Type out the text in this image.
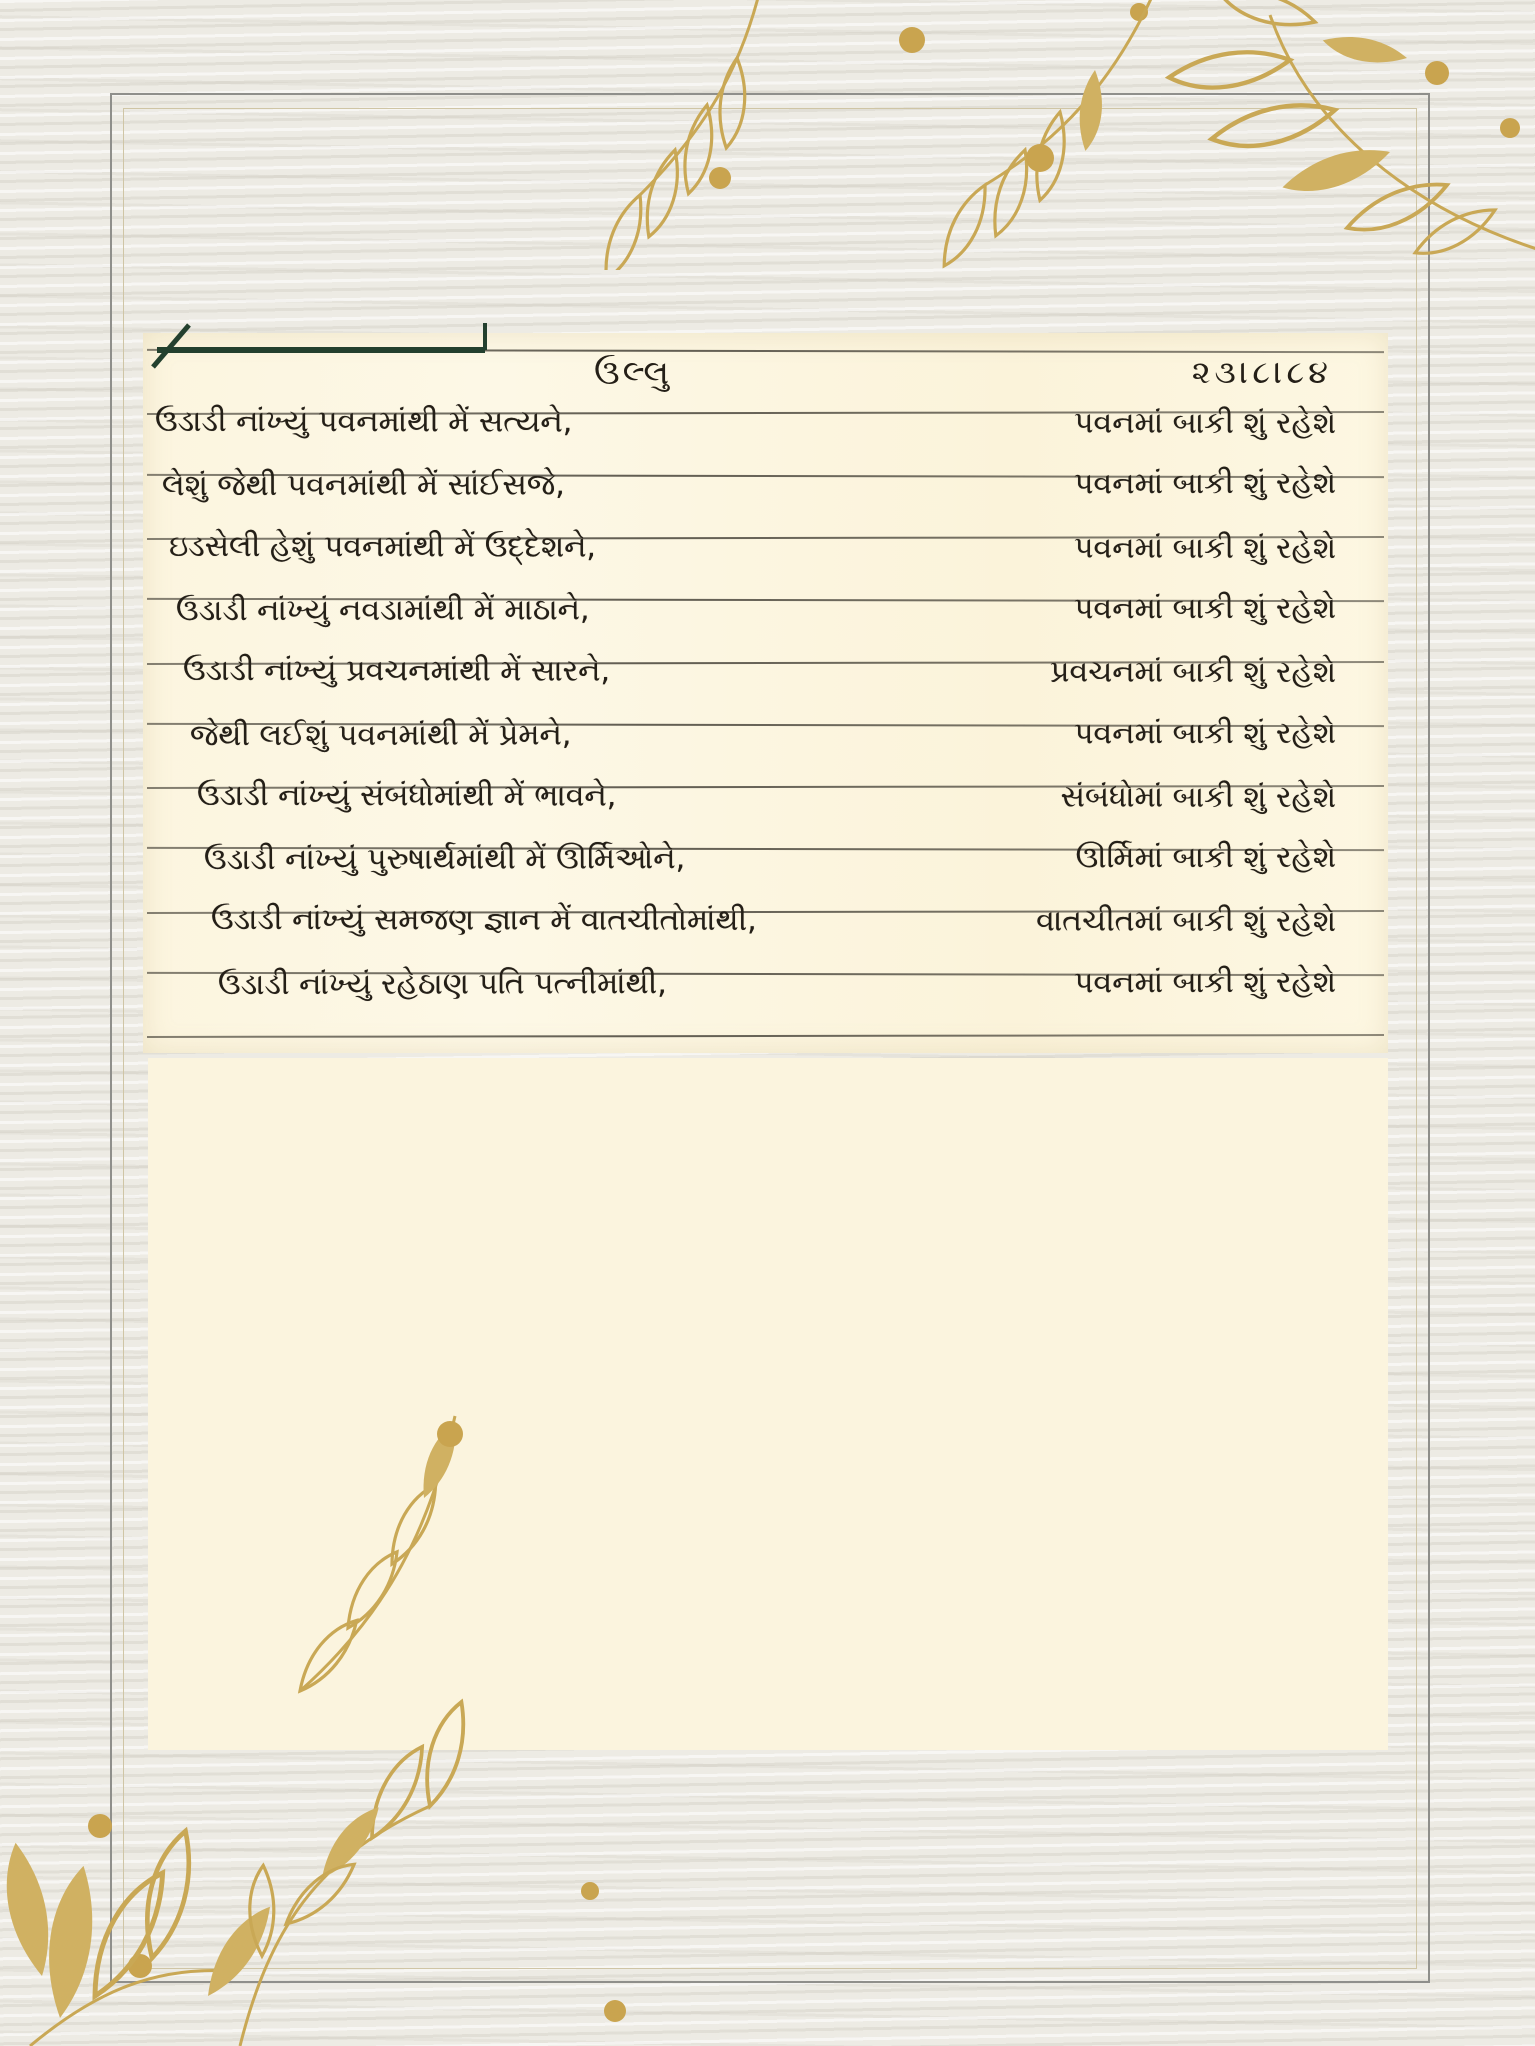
ઉલ્લુ	૨૩।૮।૮૪
ઉડાડી નાંખ્યું પવનમાંથી મેં સત્યને,	પવનમાં બાકી શું રહેશે
લેશું જેથી પવનમાંથી મેં સાંઈસજે,	પવનમાં બાકી શું રહેશે
ઇડસેલી હેશું પવનમાંથી મેં ઉદ્દેશને,	પવનમાં બાકી શું રહેશે
ઉડાડી નાંખ્યું નવડામાંથી મેં માઠાને,	પવનમાં બાકી શું રહેશે
ઉડાડી નાંખ્યું પ્રવચનમાંથી મેં સારને,	પ્રવચનમાં બાકી શું રહેશે
જેથી લઈશું પવનમાંથી મેં પ્રેમને,	પવનમાં બાકી શું રહેશે
ઉડાડી નાંખ્યું સંબંધોમાંથી મેં ભાવને,	સંબંધોમાં બાકી શું રહેશે
ઉડાડી નાંખ્યું પુરુષાર્થમાંથી મેં ઊર્મિઓને,	ઊર્મિમાં બાકી શું રહેશે
ઉડાડી નાંખ્યું સમજણ જ્ઞાન મેં વાતચીતોમાંથી,	વાતચીતમાં બાકી શું રહેશે
ઉડાડી નાંખ્યું રહેઠાણ પતિ પત્નીમાંથી,	પવનમાં બાકી શું રહેશે
